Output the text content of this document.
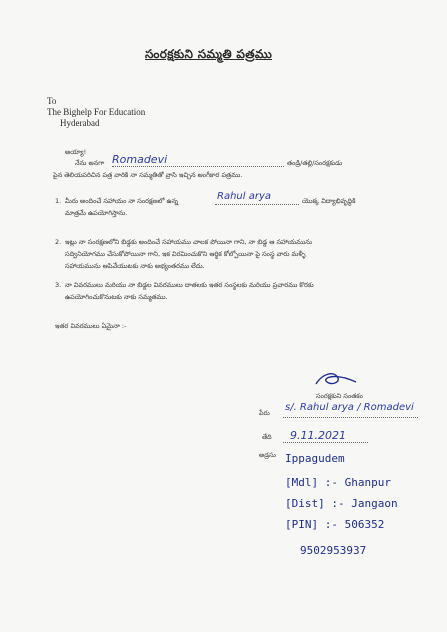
సంరక్షకుని సమ్మతి పత్రము
To
The Bighelp For Education
Hyderabad
అయ్యా!
నేను అనగా Romadevi	తండ్రి/తల్లి/సంరక్షకుడు
పైన తెలియపరిచిన పత్ర వారికి నా సమ్మతితో వ్రాసి ఇచ్చిన అంగీకార పత్రము.
1. మీరు అందించే సహాయం నా సంరక్షణలో ఉన్న	Rahul arya	యొక్క విద్యాభివృద్ధికి
మాత్రమే ఉపయోగిస్తాను.
2. ఇట్లు నా సంరక్షణలోని బిడ్డకు అందించే సహాయము చాలక పోయినా గాని, నా బిడ్డ ఆ సహాయమును
సద్వినియోగము చేసుకోపోయినా గాని, ఇక విరమించుకొని ఆర్థిక కోల్పోయినా పై సంస్థ వారు మళ్ళీ
సహాయమును ఆపివేయుటకు నాకు అభ్యంతరము లేదు.
3. నా వివరములు మరియు నా బిడ్డల వివరములు దాతలకు ఇతర సంస్థలకు మరియు ప్రచారము కొరకు
ఉపయోగించుకొనుటకు నాకు సమ్మతము.
ఇతర వివరములు ఏమైనా :-
సంరక్షకుని సంతకం
పేరు s/. Rahul arya / Romadevi
తేది 9.11.2021
అడ్రసు Ippagudem
[Mdl] :- Ghanpur
[Dist] :- Jangaon
[PIN] :- 506352
9502953937
